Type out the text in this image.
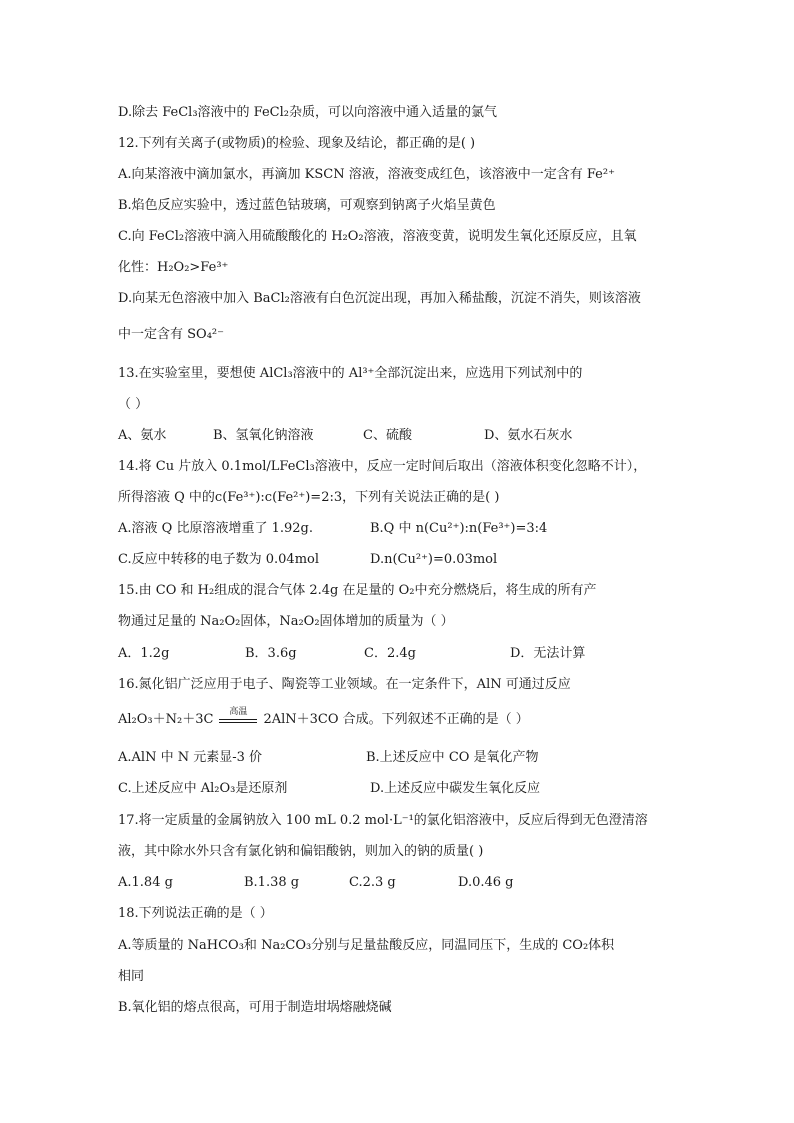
D.除去 FeCl₃溶液中的 FeCl₂杂质，可以向溶液中通入适量的氯气
12.下列有关离子(或物质)的检验、现象及结论，都正确的是( )
A.向某溶液中滴加氯水，再滴加 KSCN 溶液，溶液变成红色，该溶液中一定含有 Fe²⁺
B.焰色反应实验中，透过蓝色钴玻璃，可观察到钠离子火焰呈黄色
C.向 FeCl₂溶液中滴入用硫酸酸化的 H₂O₂溶液，溶液变黄，说明发生氧化还原反应，且氧
化性：H₂O₂>Fe³⁺
D.向某无色溶液中加入 BaCl₂溶液有白色沉淀出现，再加入稀盐酸，沉淀不消失，则该溶液
中一定含有 SO₄²⁻
13.在实验室里，要想使 AlCl₃溶液中的 Al³⁺全部沉淀出来，应选用下列试剂中的
（ ）
A、氨水	B、氢氧化钠溶液	C、硫酸	D、氨水石灰水
14.将 Cu 片放入 0.1mol/LFeCl₃溶液中，反应一定时间后取出（溶液体积变化忽略不计），
所得溶液 Q 中的c(Fe³⁺):c(Fe²⁺)=2:3，下列有关说法正确的是( )
A.溶液 Q 比原溶液增重了 1.92g.	B.Q 中 n(Cu²⁺):n(Fe³⁺)=3:4
C.反应中转移的电子数为 0.04mol	D.n(Cu²⁺)=0.03mol
15.由 CO 和 H₂组成的混合气体 2.4g 在足量的 O₂中充分燃烧后，将生成的所有产
物通过足量的 Na₂O₂固体，Na₂O₂固体增加的质量为（ ）
A．1.2g	B．3.6g	C．2.4g	D．无法计算
16.氮化铝广泛应用于电子、陶瓷等工业领域。在一定条件下，AlN 可通过反应
Al₂O₃＋N₂＋3C
高温
2AlN＋3CO 合成。下列叙述不正确的是（ ）
A.AlN 中 N 元素显-3 价	B.上述反应中 CO 是氧化产物
C.上述反应中 Al₂O₃是还原剂	D.上述反应中碳发生氧化反应
17.将一定质量的金属钠放入 100 mL 0.2 mol·L⁻¹的氯化铝溶液中，反应后得到无色澄清溶
液，其中除水外只含有氯化钠和偏铝酸钠，则加入的钠的质量( )
A.1.84 g	B.1.38 g	C.2.3 g	D.0.46 g
18.下列说法正确的是（ ）
A.等质量的 NaHCO₃和 Na₂CO₃分别与足量盐酸反应，同温同压下，生成的 CO₂体积
相同
B.氧化铝的熔点很高，可用于制造坩埚熔融烧碱
